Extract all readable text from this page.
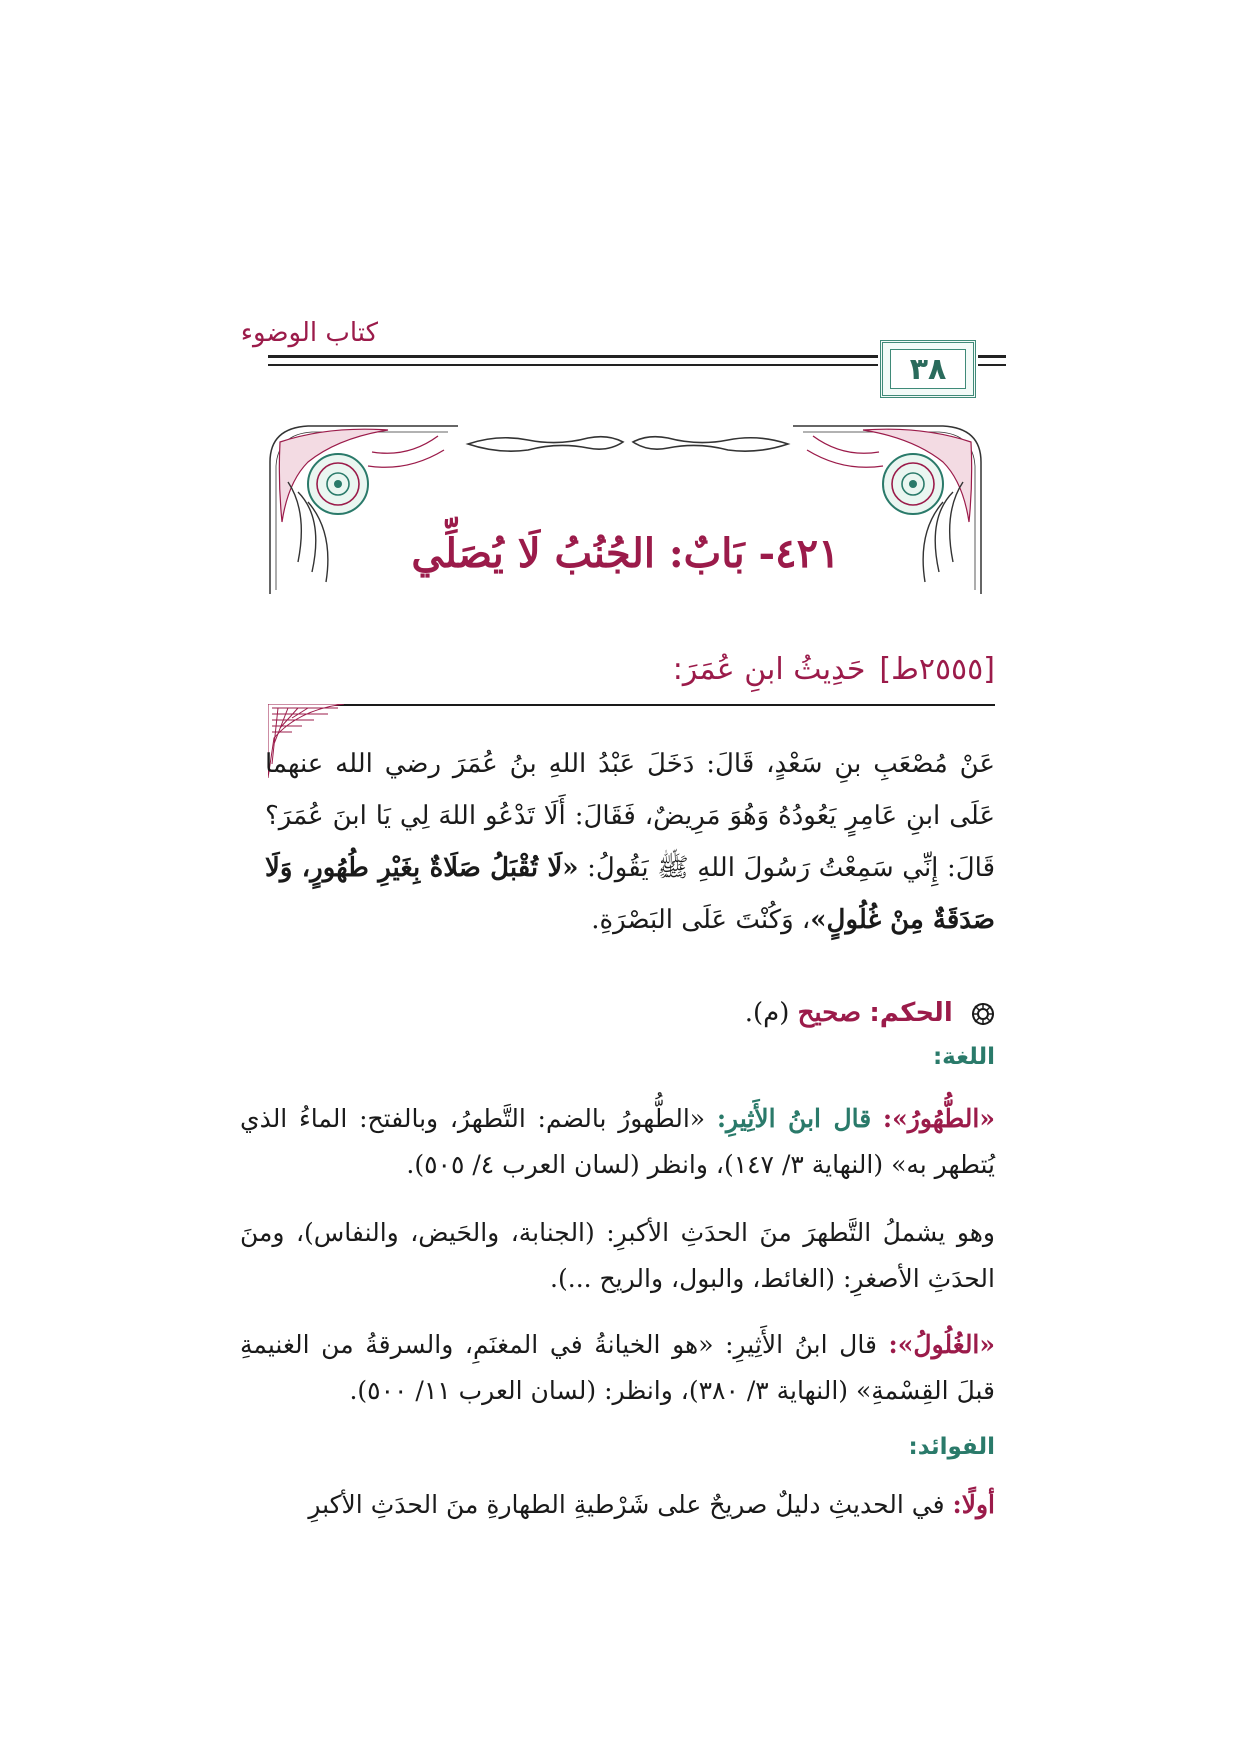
كتاب الوضوء
٣٨
٤٢١- بَابٌ: الجُنُبُ لَا يُصَلِّي
[٢٥٥٥ط]حَدِيثُ ابنِ عُمَرَ:
عَنْ مُصْعَبِ بنِ سَعْدٍ، قَالَ: دَخَلَ عَبْدُ اللهِ بنُ عُمَرَ رضي الله عنهما عَلَى ابنِ عَامِرٍ يَعُودُهُ وَهُوَ مَرِيضٌ، فَقَالَ: أَلَا تَدْعُو اللهَ لِي يَا ابنَ عُمَرَ؟ قَالَ: إِنِّي سَمِعْتُ رَسُولَ اللهِ ﷺ يَقُولُ: «لَا تُقْبَلُ صَلَاةٌ بِغَيْرِ طُهُورٍ، وَلَا صَدَقَةٌ مِنْ غُلُولٍ»، وَكُنْتَ عَلَى البَصْرَةِ.
الحكم: صحيح (م).
اللغة:
«الطُّهُورُ»: قال ابنُ الأَثِيرِ: «الطُّهورُ بالضم: التَّطهرُ، وبالفتح: الماءُ الذي يُتطهر به» (النهاية ٣/ ١٤٧)، وانظر (لسان العرب ٤/ ٥٠٥).
وهو يشملُ التَّطهرَ منَ الحدَثِ الأكبرِ: (الجنابة، والحَيض، والنفاس)، ومنَ الحدَثِ الأصغرِ: (الغائط، والبول، والريح ...).
«الغُلُولُ»: قال ابنُ الأَثِيرِ: «هو الخيانةُ في المغنَمِ، والسرقةُ من الغنيمةِ قبلَ القِسْمةِ» (النهاية ٣/ ٣٨٠)، وانظر: (لسان العرب ١١/ ٥٠٠).
الفوائد:
أولًا: في الحديثِ دليلٌ صريحٌ على شَرْطيةِ الطهارةِ منَ الحدَثِ الأكبرِ
